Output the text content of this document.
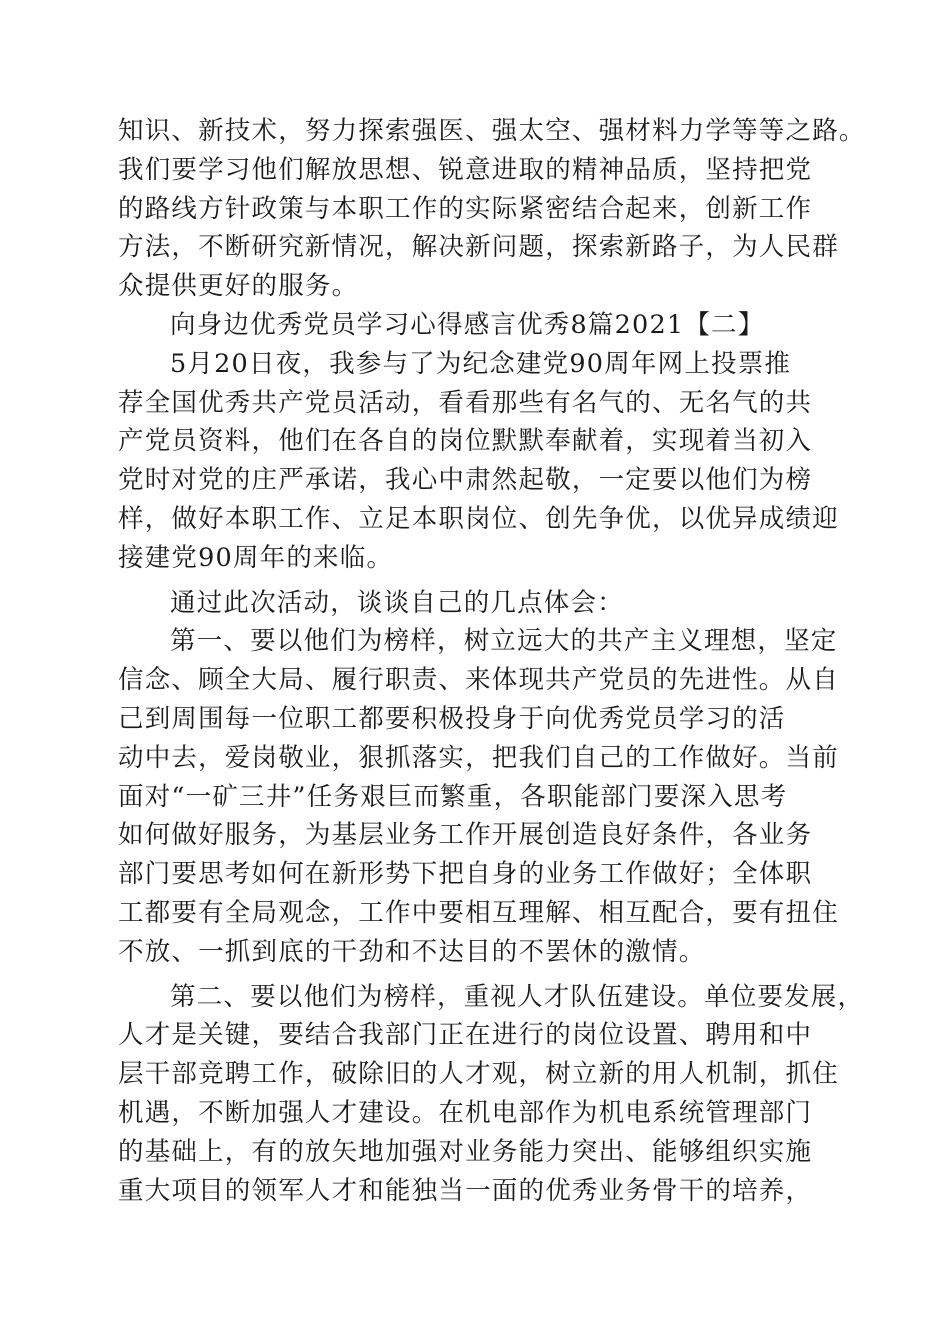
知识、新技术，努力探索强医、强太空、强材料力学等等之路。
我们要学习他们解放思想、锐意进取的精神品质，坚持把党
的路线方针政策与本职工作的实际紧密结合起来，创新工作
方法，不断研究新情况，解决新问题，探索新路子，为人民群
众提供更好的服务。
向身边优秀党员学习心得感言优秀8篇2021【二】
5月20日夜，我参与了为纪念建党90周年网上投票推
荐全国优秀共产党员活动，看看那些有名气的、无名气的共
产党员资料，他们在各自的岗位默默奉献着，实现着当初入
党时对党的庄严承诺，我心中肃然起敬，一定要以他们为榜
样，做好本职工作、立足本职岗位、创先争优，以优异成绩迎
接建党90周年的来临。
通过此次活动，谈谈自己的几点体会：
第一、要以他们为榜样，树立远大的共产主义理想，坚定
信念、顾全大局、履行职责、来体现共产党员的先进性。从自
己到周围每一位职工都要积极投身于向优秀党员学习的活
动中去，爱岗敬业，狠抓落实，把我们自己的工作做好。当前
面对“一矿三井”任务艰巨而繁重，各职能部门要深入思考
如何做好服务，为基层业务工作开展创造良好条件，各业务
部门要思考如何在新形势下把自身的业务工作做好；全体职
工都要有全局观念，工作中要相互理解、相互配合，要有扭住
不放、一抓到底的干劲和不达目的不罢休的激情。
第二、要以他们为榜样，重视人才队伍建设。单位要发展，
人才是关键，要结合我部门正在进行的岗位设置、聘用和中
层干部竞聘工作，破除旧的人才观，树立新的用人机制，抓住
机遇，不断加强人才建设。在机电部作为机电系统管理部门
的基础上，有的放矢地加强对业务能力突出、能够组织实施
重大项目的领军人才和能独当一面的优秀业务骨干的培养，
